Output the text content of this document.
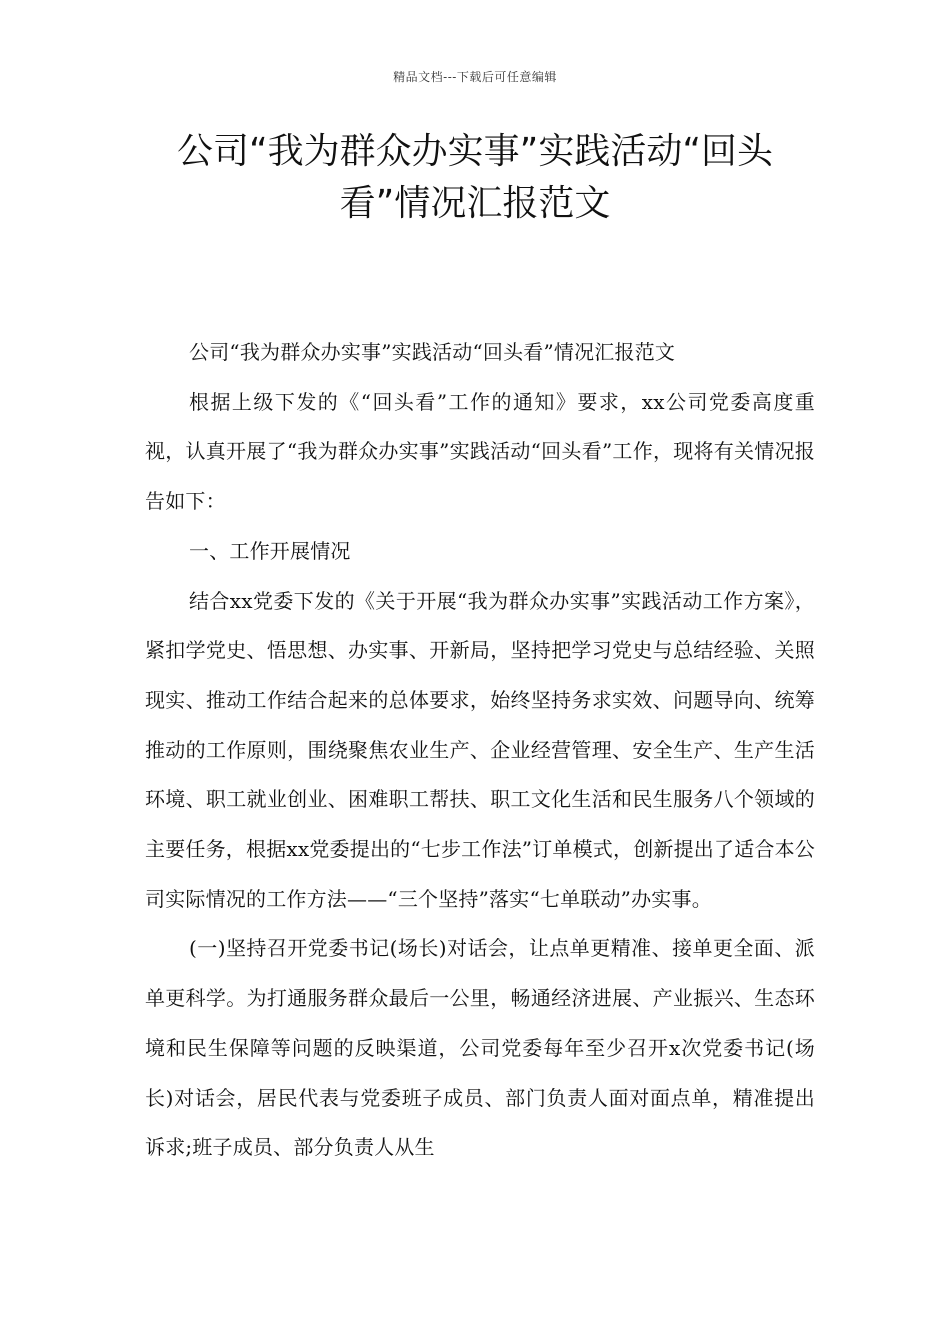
精品文档---下载后可任意编辑
公司“我为群众办实事”实践活动“回头看”情况汇报范文

公司“我为群众办实事”实践活动“回头看”情况汇报范文

根据上级下发的《“回头看”工作的通知》要求，xx公司党委高度重视，认真开展了“我为群众办实事”实践活动“回头看”工作，现将有关情况报告如下：

一、工作开展情况

结合xx党委下发的《关于开展“我为群众办实事”实践活动工作方案》，紧扣学党史、悟思想、办实事、开新局，坚持把学习党史与总结经验、关照现实、推动工作结合起来的总体要求，始终坚持务求实效、问题导向、统筹推动的工作原则，围绕聚焦农业生产、企业经营管理、安全生产、生产生活环境、职工就业创业、困难职工帮扶、职工文化生活和民生服务八个领域的主要任务，根据xx党委提出的“七步工作法”订单模式，创新提出了适合本公司实际情况的工作方法——“三个坚持”落实“七单联动”办实事。

(一)坚持召开党委书记(场长)对话会，让点单更精准、接单更全面、派单更科学。为打通服务群众最后一公里，畅通经济进展、产业振兴、生态环境和民生保障等问题的反映渠道，公司党委每年至少召开x次党委书记(场长)对话会，居民代表与党委班子成员、部门负责人面对面点单，精准提出诉求;班子成员、部分负责人从生
